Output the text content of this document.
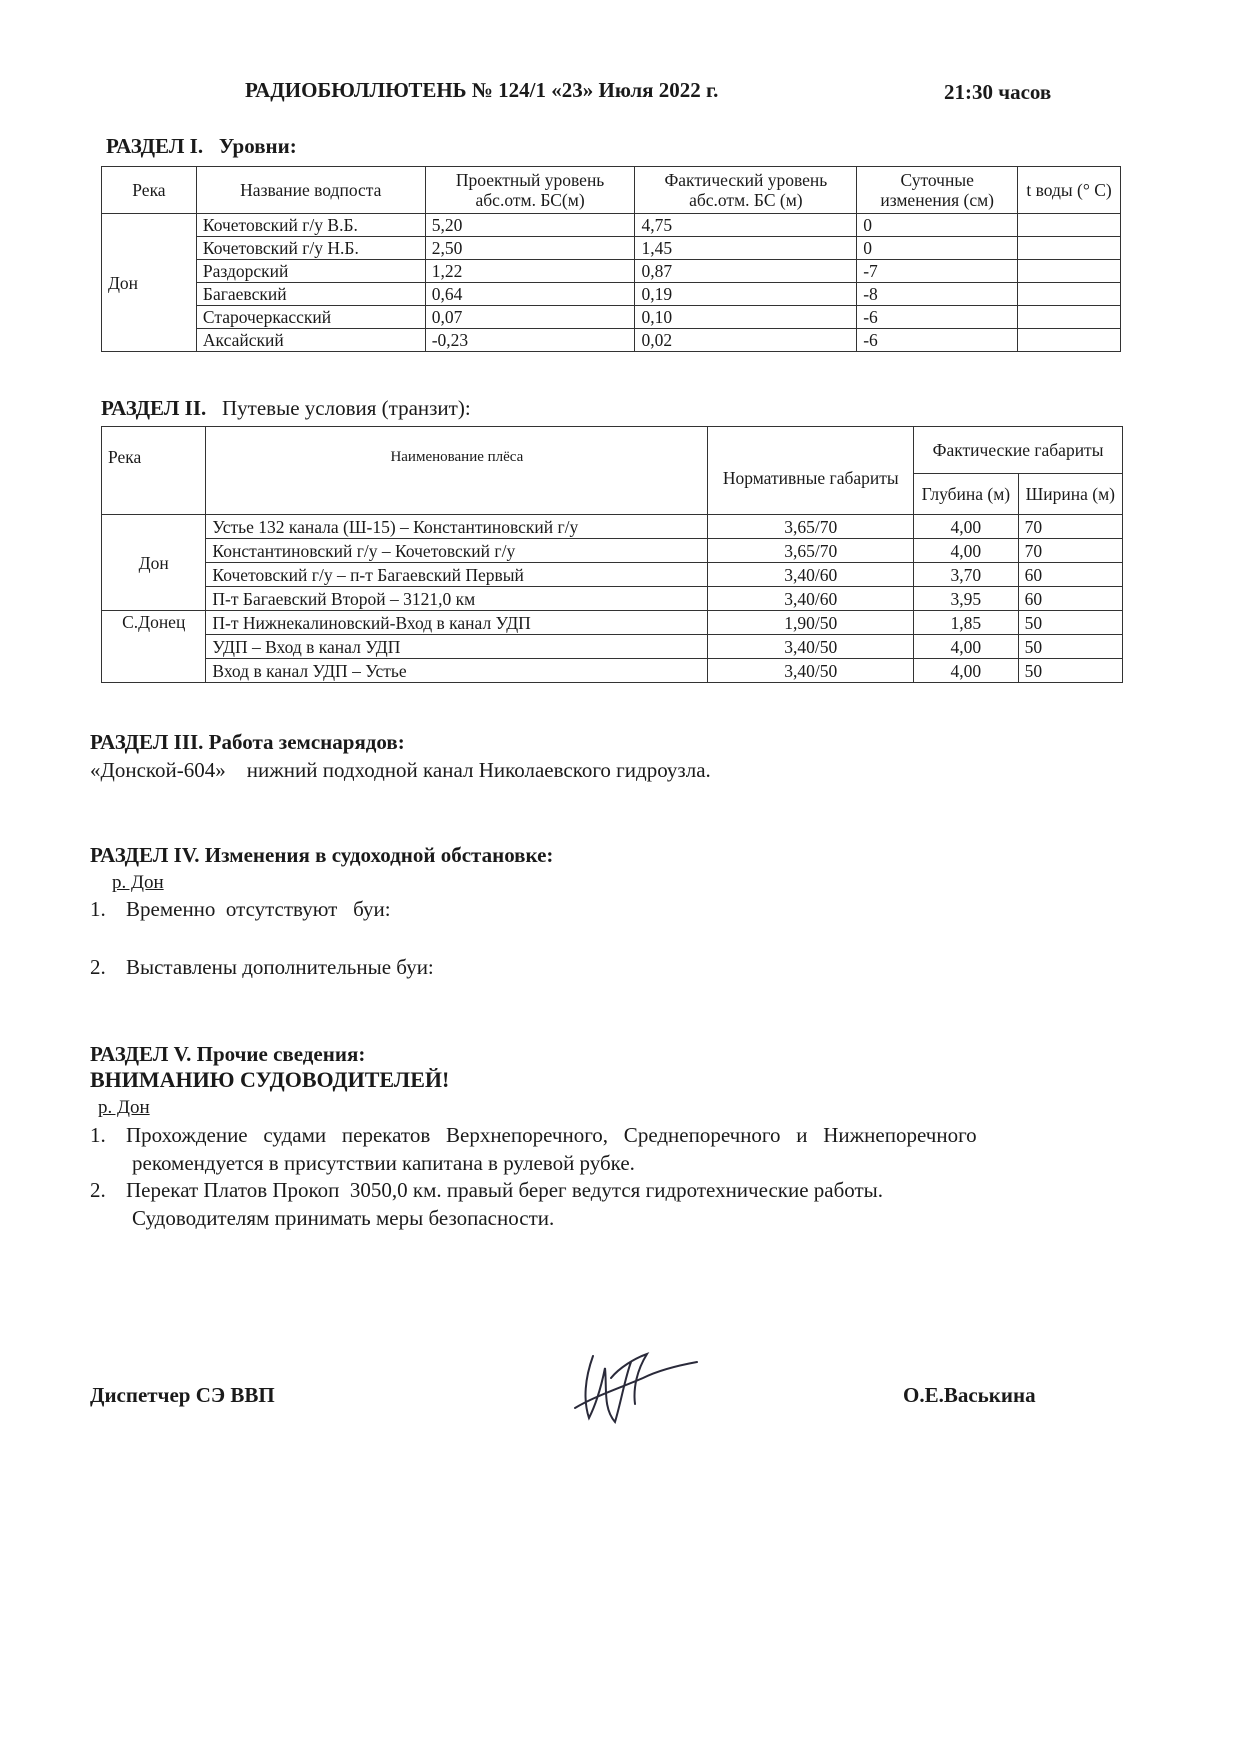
РАДИОБЮЛЛЮТЕНЬ № 124/1 «23» Июля 2022 г.	21:30 часов
РАЗДЕЛ I. Уровни:
Река	Название водпоста	Проектный уровень абс.отм. БС(м)	Фактический уровень абс.отм. БС (м)	Суточные изменения (см)	t воды (° С)
Дон	Кочетовский г/у В.Б.	5,20	4,75	0	
	Кочетовский г/у Н.Б.	2,50	1,45	0	
	Раздорский	1,22	0,87	-7	
	Багаевский	0,64	0,19	-8	
	Старочеркасский	0,07	0,10	-6	
	Аксайский	-0,23	0,02	-6	
РАЗДЕЛ II. Путевые условия (транзит):
Река	Наименование плёса	Нормативные габариты	Фактические габариты	
			Глубина (м)	Ширина (м)
Дон	Устье 132 канала (Ш-15) – Константиновский г/у	3,65/70	4,00	70
	Константиновский г/у – Кочетовский г/у	3,65/70	4,00	70
	Кочетовский г/у – п-т Багаевский Первый	3,40/60	3,70	60
	П-т Багаевский Второй – 3121,0 км	3,40/60	3,95	60
С.Донец	П-т Нижнекалиновский-Вход в канал УДП	1,90/50	1,85	50
	УДП – Вход в канал УДП	3,40/50	4,00	50
	Вход в канал УДП – Устье	3,40/50	4,00	50
РАЗДЕЛ III. Работа земснарядов:
«Донской-604»    нижний подходной канал Николаевского гидроузла.
РАЗДЕЛ IV. Изменения в судоходной обстановке:
р. Дон
1. Временно  отсутствуют   буи:
2. Выставлены дополнительные буи:
РАЗДЕЛ V. Прочие сведения:
ВНИМАНИЮ СУДОВОДИТЕЛЕЙ!
р. Дон
1. Прохождение   судами   перекатов   Верхнепоречного,   Среднепоречного   и   Нижнепоречного
рекомендуется в присутствии капитана в рулевой рубке.
2. Перекат Платов Прокоп  3050,0 км. правый берег ведутся гидротехнические работы.
Судоводителям принимать меры безопасности.
Диспетчер СЭ ВВП	О.Е.Васькина
